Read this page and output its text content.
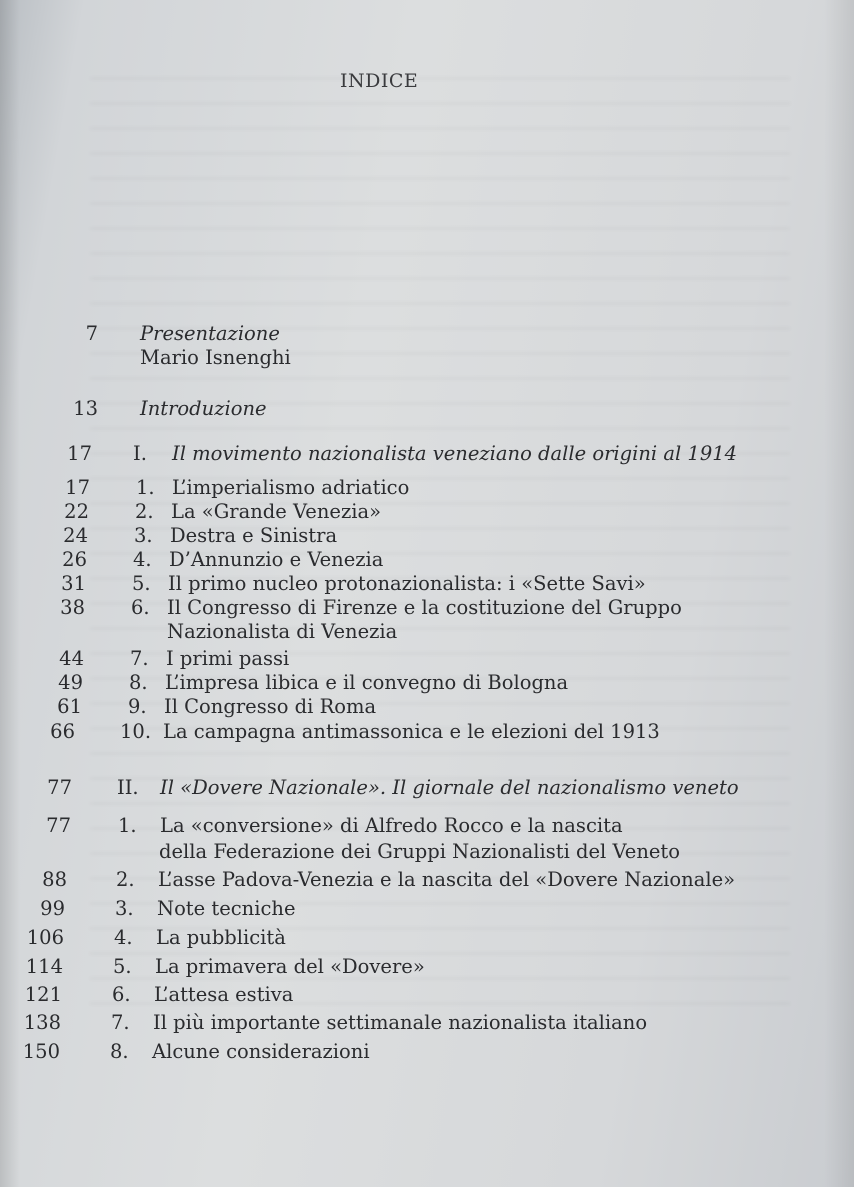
INDICE
7 Presentazione
Mario Isnenghi
13 Introduzione
17 I. Il movimento nazionalista veneziano dalle origini al 1914
17 1. L’imperialismo adriatico
22 2. La «Grande Venezia»
24 3. Destra e Sinistra
26 4. D’Annunzio e Venezia
31 5. Il primo nucleo protonazionalista: i «Sette Savi»
38 6. Il Congresso di Firenze e la costituzione del Gruppo
Nazionalista di Venezia
44 7. I primi passi
49 8. L’impresa libica e il convegno di Bologna
61 9. Il Congresso di Roma
66 10. La campagna antimassonica e le elezioni del 1913
77 II. Il «Dovere Nazionale». Il giornale del nazionalismo veneto
77 1. La «conversione» di Alfredo Rocco e la nascita
della Federazione dei Gruppi Nazionalisti del Veneto
88	2. L’asse Padova-Venezia e la nascita del «Dovere Nazionale»
99	3. Note tecniche
106	4. La pubblicità
114	5. La primavera del «Dovere»
121	6. L’attesa estiva
138	7. Il più importante settimanale nazionalista italiano
150	8. Alcune considerazioni
